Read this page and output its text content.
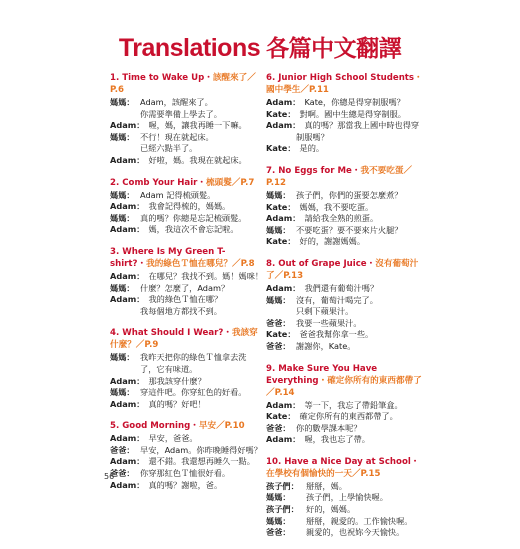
Translations 各篇中文翻譯
1. Time to Wake Up・該醒來了／P.6
媽媽： Adam，該醒來了。
你需要準備上學去了。
Adam： 喔，媽，讓我再睡一下嘛。
媽媽： 不行！現在就起床。
已經六點半了。
Adam： 好啦，媽。我現在就起床。
2. Comb Your Hair・梳頭髮／P.7
媽媽： Adam 記得梳頭髮。
Adam： 我會記得梳的，媽媽。
媽媽： 真的嗎？你總是忘記梳頭髮。
Adam： 媽，我這次不會忘記啦。
3. Where Is My Green T-shirt?・我的綠色Ｔ恤在哪兒？／P.8
Adam： 在哪兒？我找不到。媽！媽咪！
媽媽： 什麼？怎麼了，Adam？
Adam： 我的綠色Ｔ恤在哪？
我每個地方都找不到。
4. What Should I Wear?・我該穿什麼？／P.9
媽媽： 我昨天把你的綠色Ｔ恤拿去洗
了，它有味道。
Adam： 那我該穿什麼？
媽媽： 穿這件吧。你穿紅色的好看。
Adam： 真的嗎？好吧！
5. Good Morning・早安／P.10
Adam： 早安，爸爸。
爸爸： 早安，Adam。你昨晚睡得好嗎？
Adam： 還不錯。我還想再睡久一點。
爸爸： 你穿那紅色Ｔ恤很好看。
Adam： 真的嗎？謝啦，爸。
6. Junior High School Students・國中學生／P.11
Adam： Kate，你總是得穿制服嗎？
Kate： 對啊。國中生總是得穿制服。
Adam： 真的嗎？那當我上國中時也得穿
制服嗎？
Kate： 是的。
7. No Eggs for Me・我不要吃蛋／P.12
媽媽： 孩子們，你們的蛋要怎麼煮？
Kate： 媽媽，我不要吃蛋。
Adam： 請給我全熟的煎蛋。
媽媽： 不要吃蛋？要不要來片火腿？
Kate： 好的，謝謝媽媽。
8. Out of Grape Juice・沒有葡萄汁了／P.13
Adam： 我們還有葡萄汁嗎？
媽媽： 沒有，葡萄汁喝完了。
只剩下蘋果汁。
爸爸： 我要一些蘋果汁。
Kate： 爸爸我幫你拿一些。
爸爸： 謝謝你，Kate。
9. Make Sure You Have Everything・確定你所有的東西都帶了／P.14
Adam： 等一下，我忘了帶鉛筆盒。
Kate： 確定你所有的東西都帶了。
爸爸： 你的數學課本呢？
Adam： 喔，我也忘了帶。
10. Have a Nice Day at School・在學校有個愉快的一天／P.15
孩子們： 掰掰，媽。
媽媽：	孩子們，上學愉快喔。
孩子們： 好的，媽媽。
媽媽：	掰掰，親愛的。工作愉快喔。
爸爸：	親愛的，也祝妳今天愉快。
56
